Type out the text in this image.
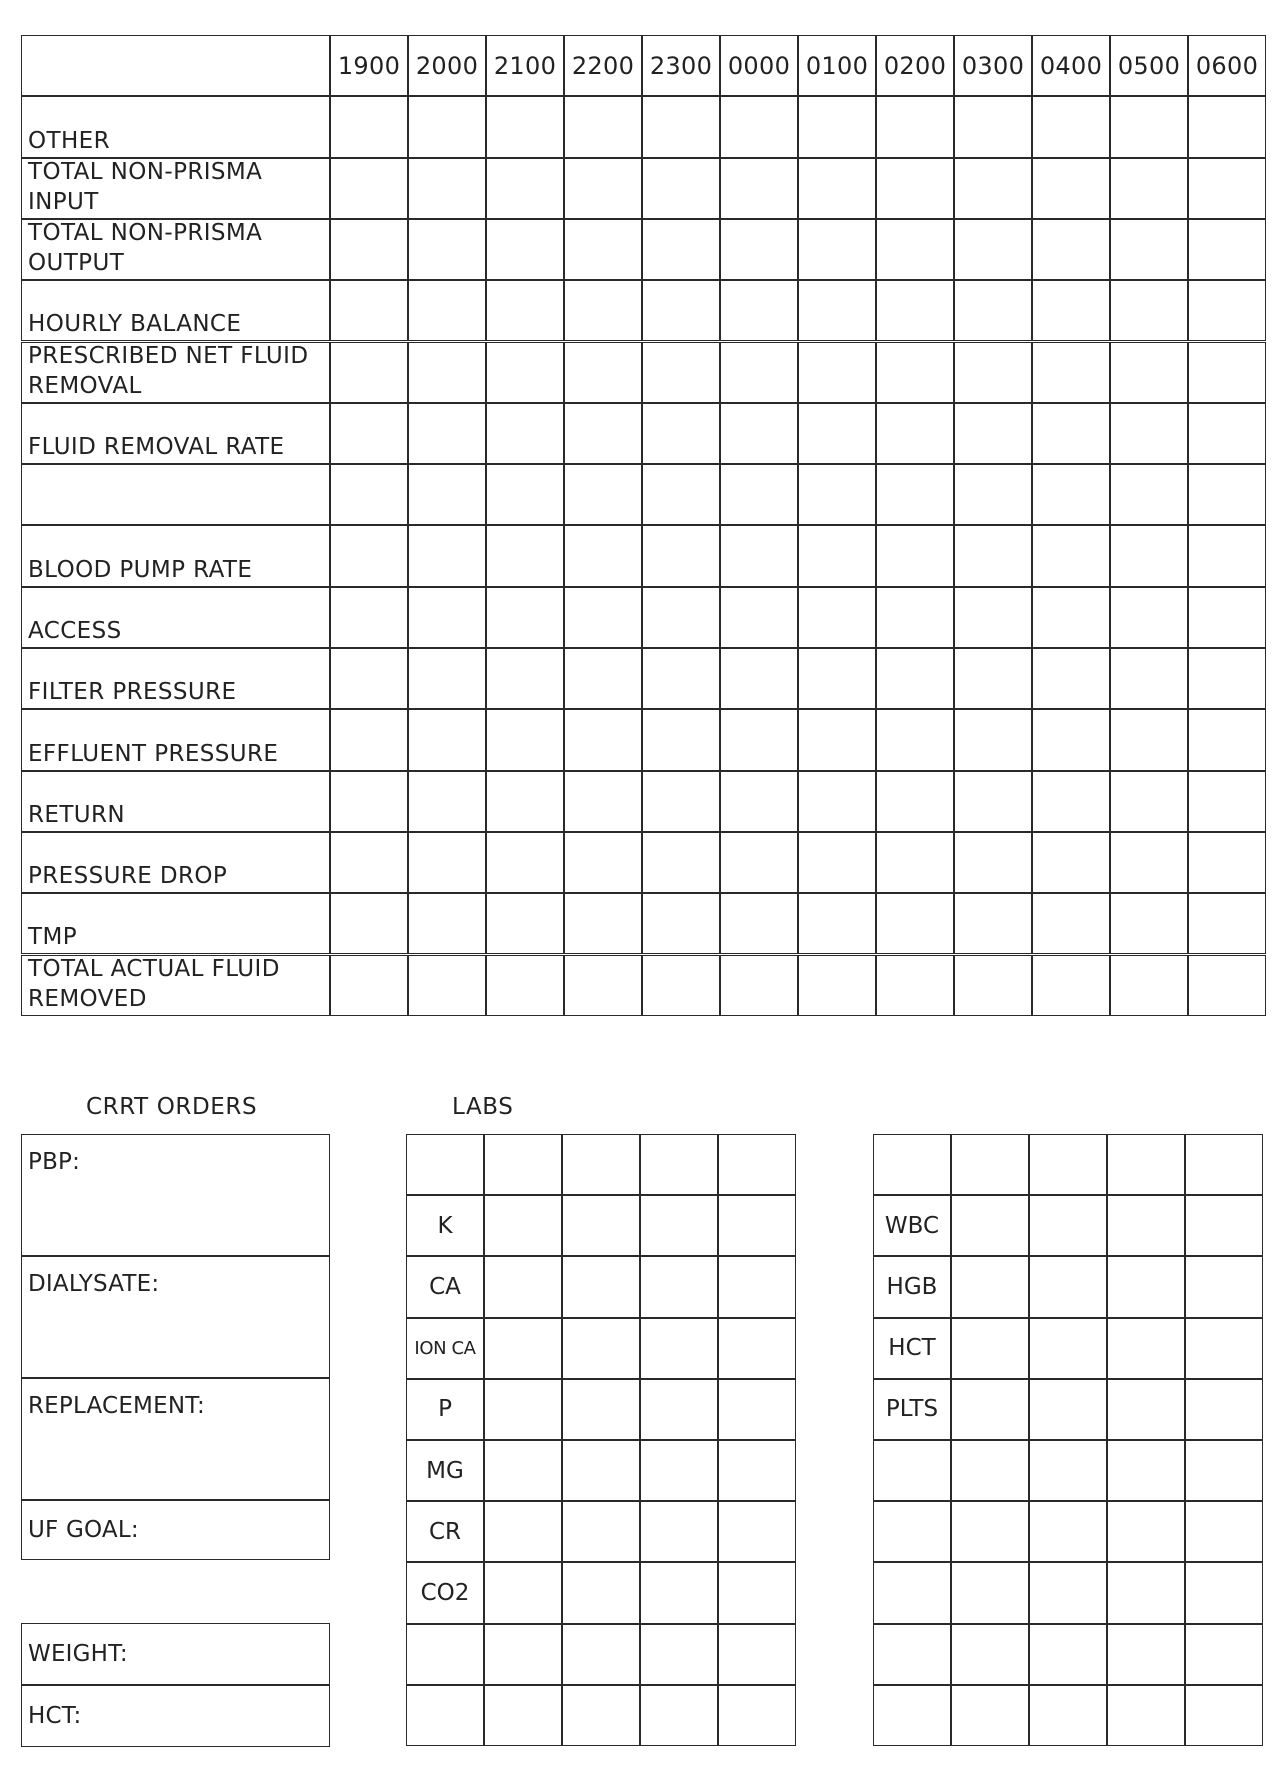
CRRT ORDERS	LABS
1900 2000 2100 2200 2300 0000 0100 0200 0300 0400 0500 0600
OTHER
TOTAL NON-PRISMA INPUT
TOTAL NON-PRISMA OUTPUT
HOURLY BALANCE
PRESCRIBED NET FLUID REMOVAL
FLUID REMOVAL RATE
BLOOD PUMP RATE
ACCESS
FILTER PRESSURE
EFFLUENT PRESSURE
RETURN
PRESSURE DROP
TMP
TOTAL ACTUAL FLUID REMOVED
PBP:
DIALYSATE:
REPLACEMENT:
UF GOAL:
WEIGHT:
HCT:
K
CA
ION CA
P
MG
CR
CO2
WBC
HGB
HCT
PLTS
